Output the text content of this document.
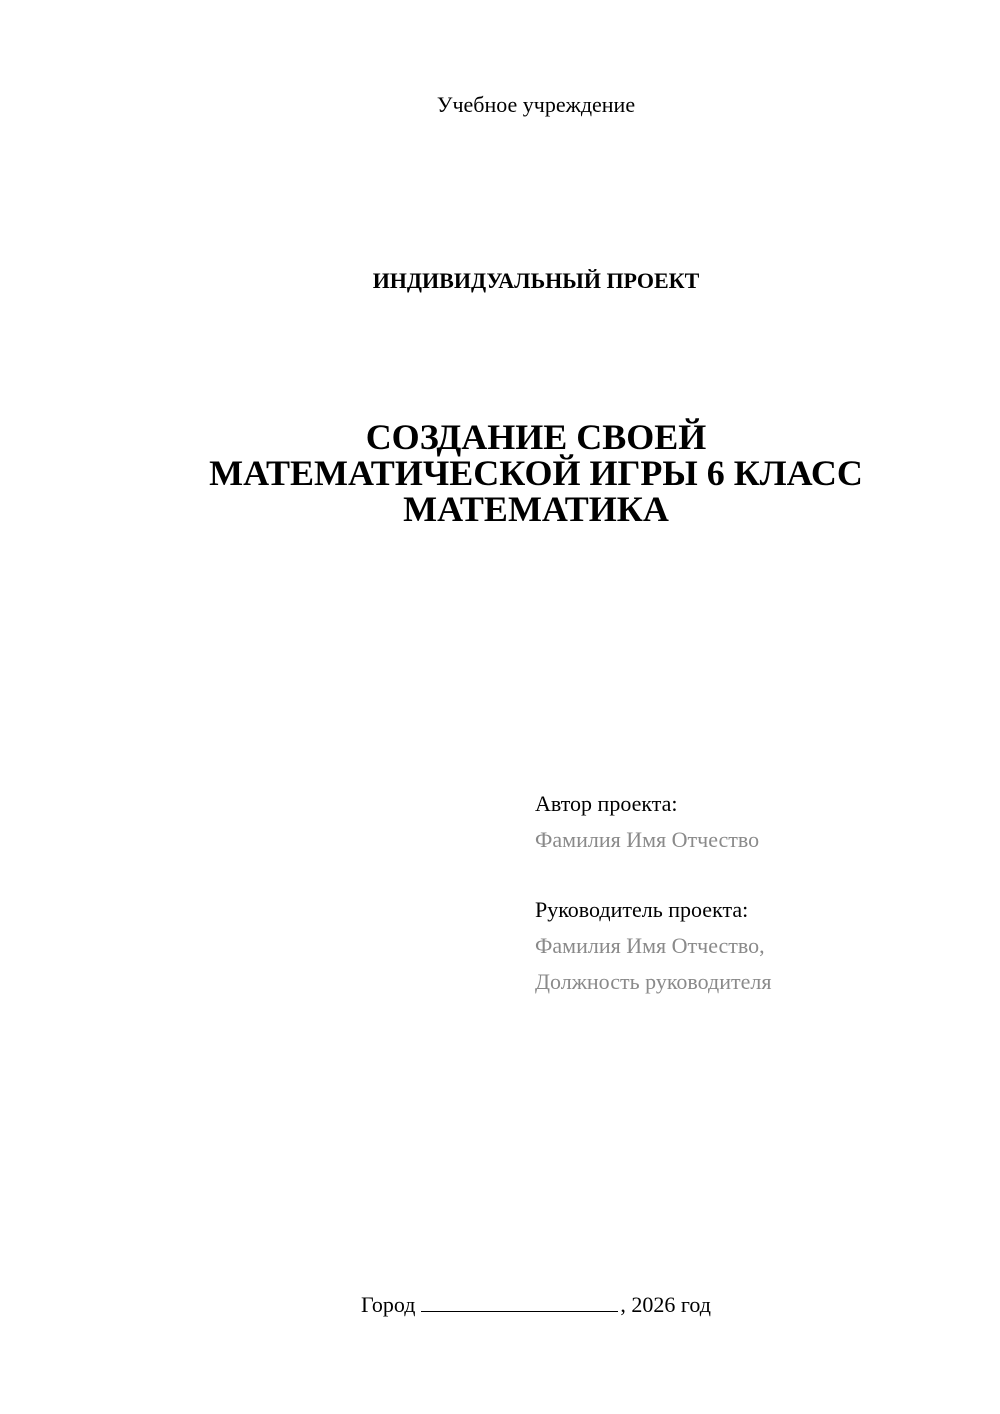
Учебное учреждение
ИНДИВИДУАЛЬНЫЙ ПРОЕКТ
СОЗДАНИЕ СВОЕЙ
МАТЕМАТИЧЕСКОЙ ИГРЫ 6 КЛАСС
МАТЕМАТИКА
Автор проекта:
Фамилия Имя Отчество
Руководитель проекта:
Фамилия Имя Отчество,
Должность руководителя
Город	, 2026 год
